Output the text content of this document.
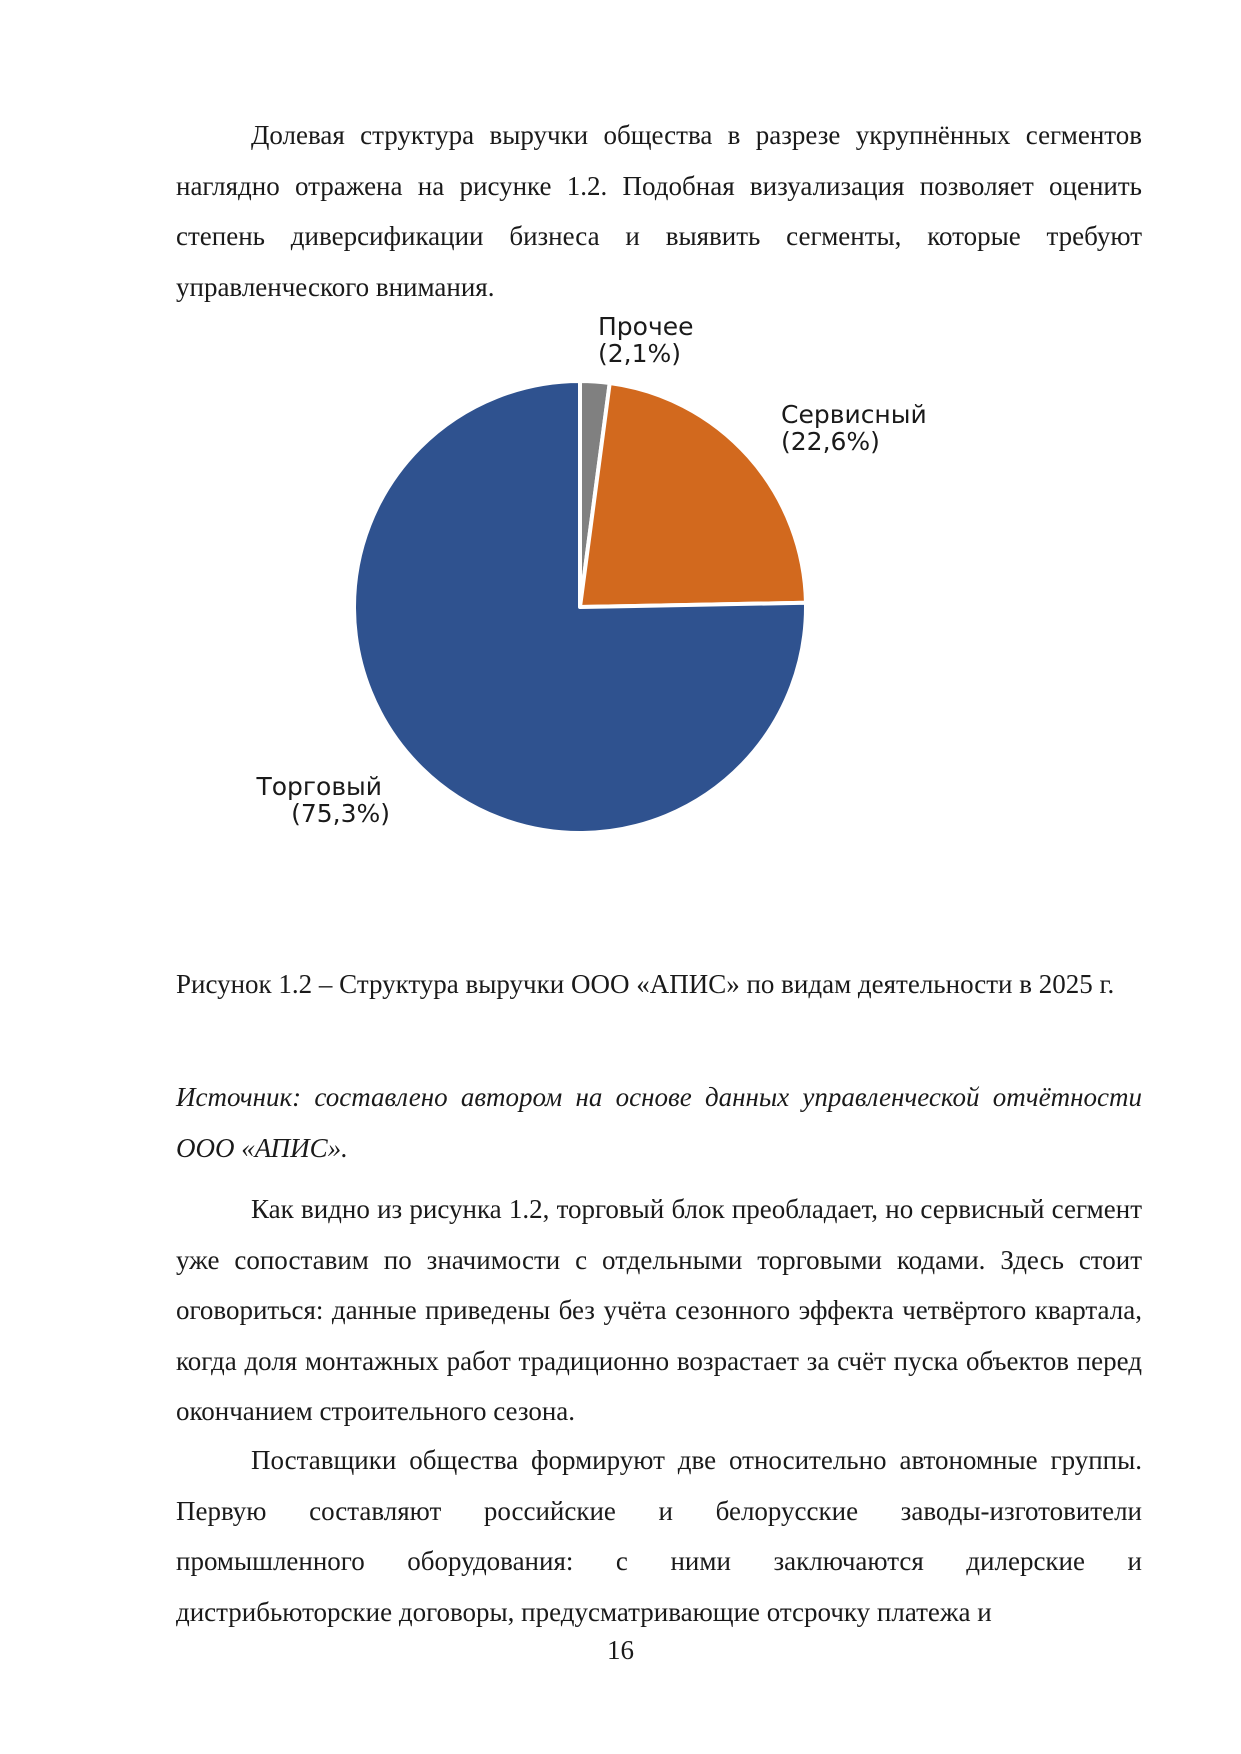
Долевая структура выручки общества в разрезе укрупнённых сегментов наглядно отражена на рисунке 1.2. Подобная визуализация позволяет оценить степень диверсификации бизнеса и выявить сегменты, которые требуют управленческого внимания.

Прочее (2,1%)
Сервисный (22,6%)
Торговый (75,3%)

Рисунок 1.2 – Структура выручки ООО «АПИС» по видам деятельности в 2025 г.

Источник: составлено автором на основе данных управленческой отчётности ООО «АПИС».

Как видно из рисунка 1.2, торговый блок преобладает, но сервисный сегмент уже сопоставим по значимости с отдельными торговыми кодами. Здесь стоит оговориться: данные приведены без учёта сезонного эффекта четвёртого квартала, когда доля монтажных работ традиционно возрастает за счёт пуска объектов перед окончанием строительного сезона.

Поставщики общества формируют две относительно автономные группы. Первую составляют российские и белорусские заводы-изготовители промышленного оборудования: с ними заключаются дилерские и дистрибьюторские договоры, предусматривающие отсрочку платежа и

16
